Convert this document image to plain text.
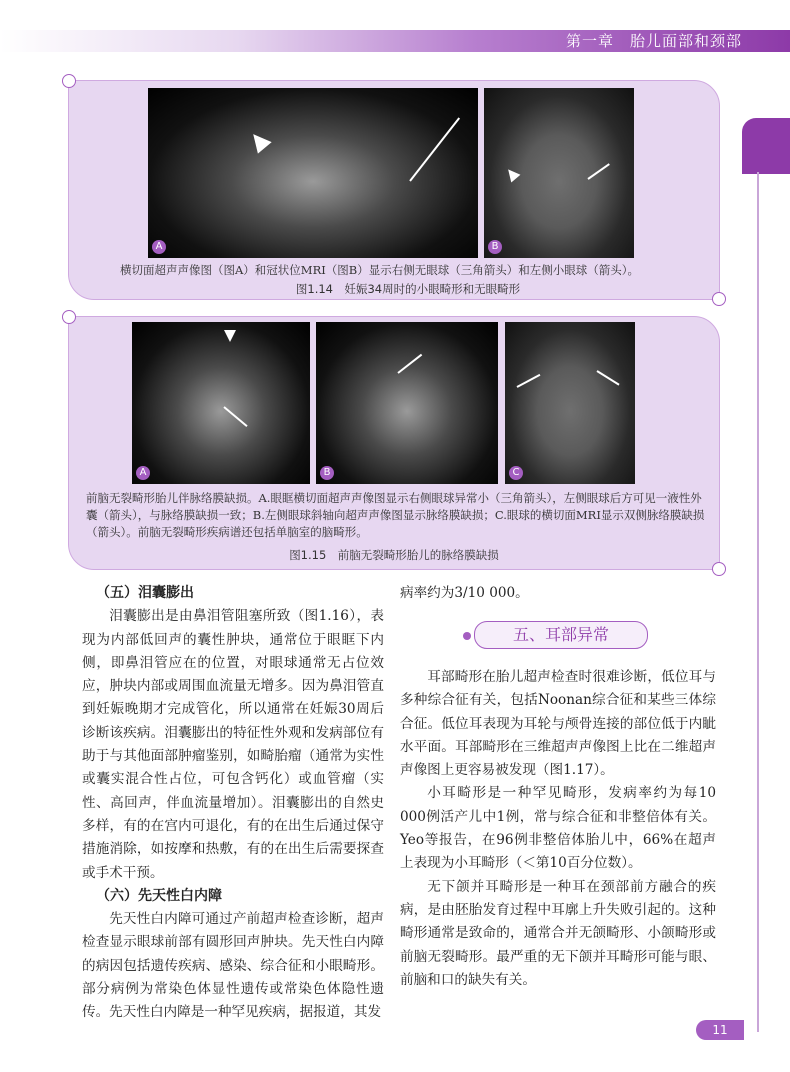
第一章　胎儿面部和颈部
A	B
横切面超声声像图（图A）和冠状位MRI（图B）显示右侧无眼球（三角箭头）和左侧小眼球（箭头）。
图1.14　妊娠34周时的小眼畸形和无眼畸形
A	B	C
前脑无裂畸形胎儿伴脉络膜缺损。A.眼眶横切面超声声像图显示右侧眼球异常小（三角箭头），左侧眼球后方可见一液性外囊（箭头），与脉络膜缺损一致；B.左侧眼球斜轴向超声声像图显示脉络膜缺损；C.眼球的横切面MRI显示双侧脉络膜缺损（箭头）。前脑无裂畸形疾病谱还包括单脑室的脑畸形。
图1.15　前脑无裂畸形胎儿的脉络膜缺损
（五）泪囊膨出

泪囊膨出是由鼻泪管阻塞所致（图1.16），表现为内部低回声的囊性肿块，通常位于眼眶下内侧，即鼻泪管应在的位置，对眼球通常无占位效应，肿块内部或周围血流量无增多。因为鼻泪管直到妊娠晚期才完成管化，所以通常在妊娠30周后诊断该疾病。泪囊膨出的特征性外观和发病部位有助于与其他面部肿瘤鉴别，如畸胎瘤（通常为实性或囊实混合性占位，可包含钙化）或血管瘤（实性、高回声，伴血流量增加）。泪囊膨出的自然史多样，有的在宫内可退化，有的在出生后通过保守措施消除，如按摩和热敷，有的在出生后需要探查或手术干预。

（六）先天性白内障

先天性白内障可通过产前超声检查诊断，超声检查显示眼球前部有圆形回声肿块。先天性白内障的病因包括遗传疾病、感染、综合征和小眼畸形。部分病例为常染色体显性遗传或常染色体隐性遗传。先天性白内障是一种罕见疾病，据报道，其发

病率约为3/10 000。
五、耳部异常

耳部畸形在胎儿超声检查时很难诊断，低位耳与多种综合征有关，包括Noonan综合征和某些三体综合征。低位耳表现为耳轮与颅骨连接的部位低于内眦水平面。耳部畸形在三维超声声像图上比在二维超声声像图上更容易被发现（图1.17）。

小耳畸形是一种罕见畸形，发病率约为每10 000例活产儿中1例，常与综合征和非整倍体有关。Yeo等报告，在96例非整倍体胎儿中，66%在超声上表现为小耳畸形（＜第10百分位数）。

无下颌并耳畸形是一种耳在颈部前方融合的疾病，是由胚胎发育过程中耳廓上升失败引起的。这种畸形通常是致命的，通常合并无颌畸形、小颌畸形或前脑无裂畸形。最严重的无下颌并耳畸形可能与眼、前脑和口的缺失有关。

11
